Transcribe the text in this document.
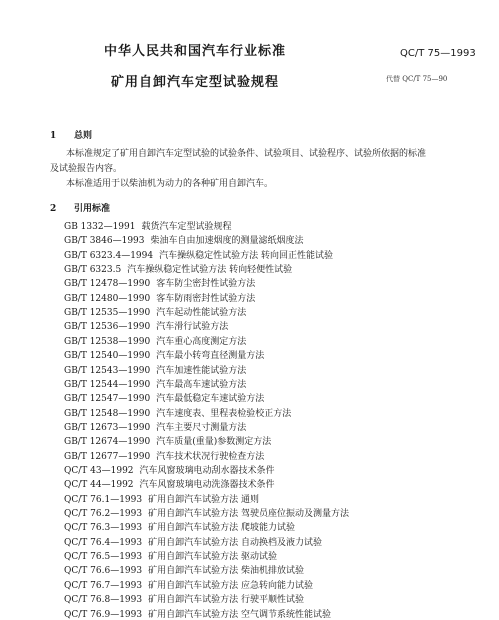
中华人民共和国汽车行业标准	QC/T 75—1993
矿用自卸汽车定型试验规程	代替 QC/T 75—90
1 总则
本标准规定了矿用自卸汽车定型试验的试验条件、试验项目、试验程序、试验所依据的标准
及试验报告内容。
本标准适用于以柴油机为动力的各种矿用自卸汽车。
2 引用标准
GB 1332—1991 载货汽车定型试验规程
GB/T 3846—1993 柴油车自由加速烟度的测量滤纸烟度法
GB/T 6323.4—1994 汽车操纵稳定性试验方法 转向回正性能试验
GB/T 6323.5 汽车操纵稳定性试验方法 转向轻便性试验
GB/T 12478—1990 客车防尘密封性试验方法
GB/T 12480—1990 客车防雨密封性试验方法
GB/T 12535—1990 汽车起动性能试验方法
GB/T 12536—1990 汽车滑行试验方法
GB/T 12538—1990 汽车重心高度测定方法
GB/T 12540—1990 汽车最小转弯直径测量方法
GB/T 12543—1990 汽车加速性能试验方法
GB/T 12544—1990 汽车最高车速试验方法
GB/T 12547—1990 汽车最低稳定车速试验方法
GB/T 12548—1990 汽车速度表、里程表检验校正方法
GB/T 12673—1990 汽车主要尺寸测量方法
GB/T 12674—1990 汽车质量(重量)参数测定方法
GB/T 12677—1990 汽车技术状况行驶检查方法
QC/T 43—1992 汽车风窗玻璃电动刮水器技术条件
QC/T 44—1992 汽车风窗玻璃电动洗涤器技术条件
QC/T 76.1—1993 矿用自卸汽车试验方法 通则
QC/T 76.2—1993 矿用自卸汽车试验方法 驾驶员座位振动及测量方法
QC/T 76.3—1993 矿用自卸汽车试验方法 爬坡能力试验
QC/T 76.4—1993 矿用自卸汽车试验方法 自动换档及液力试验
QC/T 76.5—1993 矿用自卸汽车试验方法 驱动试验
QC/T 76.6—1993 矿用自卸汽车试验方法 柴油机排放试验
QC/T 76.7—1993 矿用自卸汽车试验方法 应急转向能力试验
QC/T 76.8—1993 矿用自卸汽车试验方法 行驶平顺性试验
QC/T 76.9—1993 矿用自卸汽车试验方法 空气调节系统性能试验
